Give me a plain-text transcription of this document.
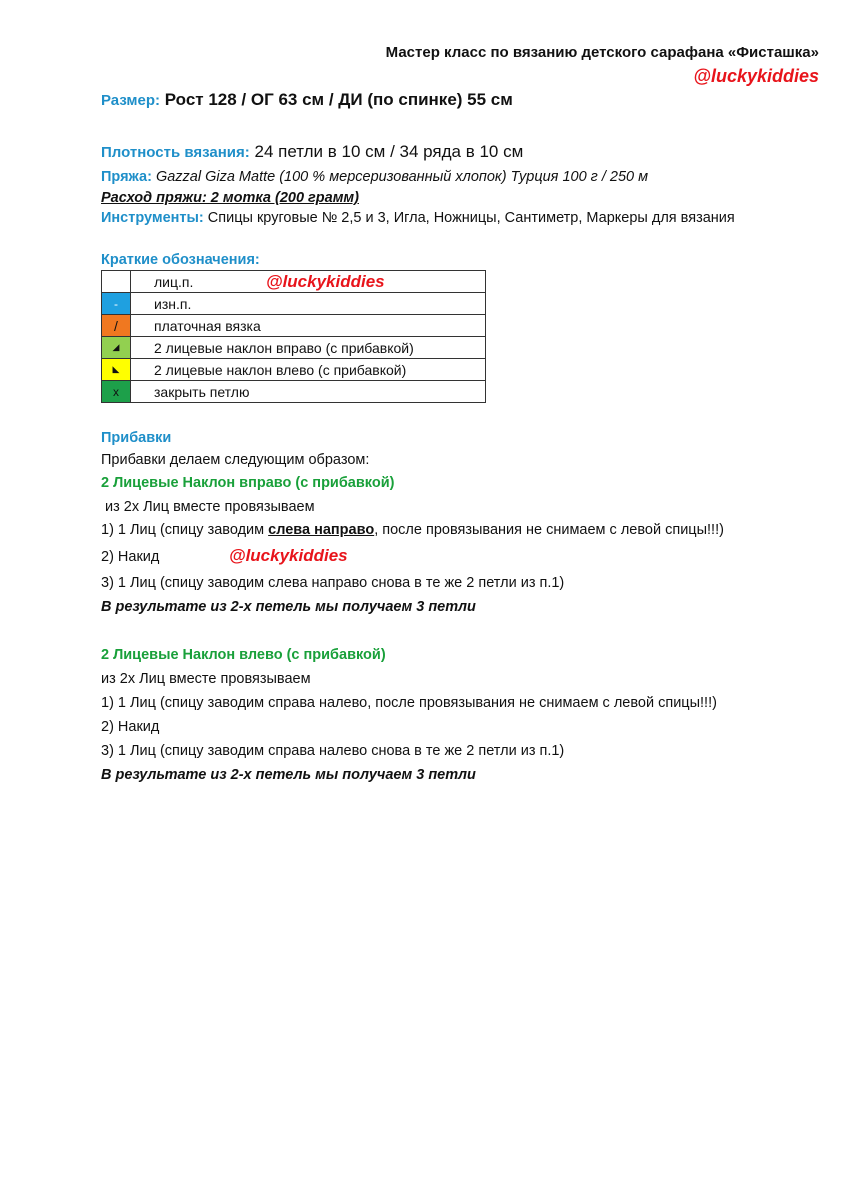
Мастер класс по вязанию детского сарафана «Фисташка»
@luckykiddies
Размер: Рост 128 / ОГ 63 см / ДИ (по спинке) 55 см
Плотность вязания: 24 петли в 10 см / 34 ряда в 10 см
Пряжа: Gazzal Giza Matte (100 % мерсеризованный хлопок) Турция 100 г / 250 м
Расход пряжи: 2 мотка (200 грамм)
Инструменты: Спицы круговые № 2,5 и 3, Игла, Ножницы, Сантиметр, Маркеры для вязания
Краткие обозначения:
	лиц.п. @luckykiddies

-	изн.п.
/	платочная вязка
◢	2 лицевые наклон вправо (с прибавкой)
◣	2 лицевые наклон влево (с прибавкой)
х	закрыть петлю
Прибавки
Прибавки делаем следующим образом:
2 Лицевые Наклон вправо (с прибавкой)
из 2х Лиц вместе провязываем
1) 1 Лиц (спицу заводим слева направо, после провязывания не снимаем с левой спицы!!!)
2) Накид	@luckykiddies
3) 1 Лиц (спицу заводим слева направо снова в те же 2 петли из п.1)
В результате из 2-х петель мы получаем 3 петли
2 Лицевые Наклон влево (с прибавкой)
из 2х Лиц вместе провязываем
1) 1 Лиц (спицу заводим справа налево, после провязывания не снимаем с левой спицы!!!)
2) Накид
3) 1 Лиц (спицу заводим справа налево снова в те же 2 петли из п.1)
В результате из 2-х петель мы получаем 3 петли
